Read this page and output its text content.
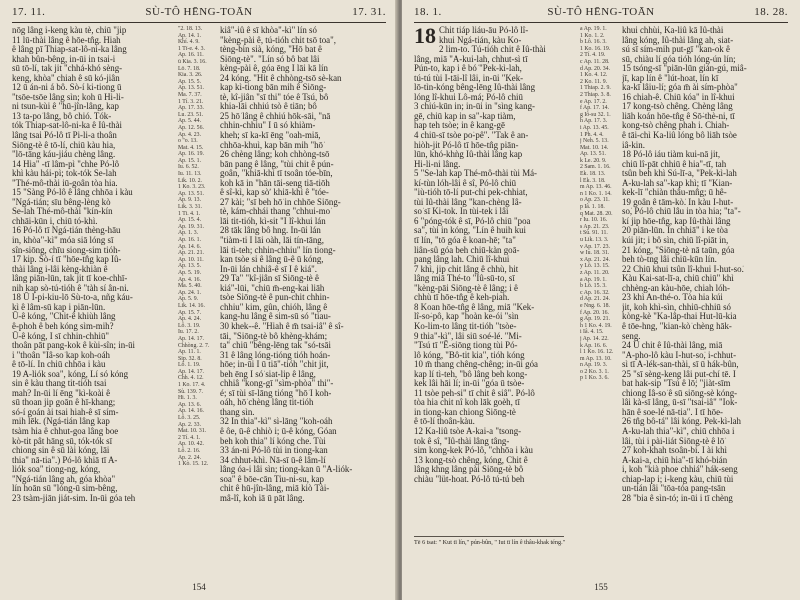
17. 11.	SÙ-TÔ HĒNG-TOĀN	17. 31.

nōg lâng i-keng kàu tè, chiū "jip

11 lū-thài lâng ê hōe-tn̂g. Hiah

ê lâng pī Thiap-sat-lô-ni-ka lâng

khah bûn-bêng, in-ūi in tsai-i

sū tō-lí, tak jit "chhá-khó sèng-

keng, khòa" chiah ê sū kó-jiân

12 ū án-ni á bô. Sò-í ki-tiong ū

"tsōe-tsōe lâng sìn; koh ū Hi-li-

ni tsun-kùi ê "hū-jîn-lâng, kap

13 ta-po͘ lâng, bô chió. Tók-

tók Thiap-sat-lô-ni-ka ê Iû-thài

lâng tsai Pó-lô tī Pi-li-a thoân

Siōng-tè ê tō-lí, chiū kàu hia,

"lō-tāng káu-jiáu chèng lâng.

14 Hia" -tī lâm-pì "chhe Pó-lô

khì kàu hái-pì; tok-tók Se-lah

"Thé-mô-thài iū-goân tòa hia.

15 "Sàng Pó-lô ê lâng chhōa i kàu

"Ngá-tián; sīu bêng-lèng kò

Se-lah Thé-mô-thài "kín-kín

chhāi-kūn i, chiū tó-khì.

16 Pó-lô tī Ngá-tián thèng-hāu

in, khòa"-kì" móa siā lóng sī

sîn-siōng, chīu siong-sim tióh-

17 kip. Sò-í tī "hōe-tn̂g kap Iû-

thài lâng i-lâi kèng-khiàn ê

lâng piān-lūn, tak jit tī koe-chhī-

nih kap sò-tú-tióh ê "tàh sí ân-ni.

18 Ū I-pi-kiu-lō Sù-to-a, nñg káu-

kì ê lâm-sū kap i piān-lūn.

Ū-ê kóng, "Chit-ê khiùh lâng

ê-phoh ê beh kóng sìm-mih?

Ū-ê kóng, I sī chhin-chhiū"

thoân pāt pang-kok ê kùi-sîn; in-ūi

i "thoân "Iâ-so͘ kap koh-oáh

ê tō-lí. In chiū chhōa i kàu

19 A-liók soa", kóng, Lí só kóng

sin ê kàu thang tit-tióh tsai

mah? In-ūi lí ēng "kì-koài ê

sū thoan jip goān ê hī-khang;

só-í goán ài tsai hiah-ê sī sím-

mih lēk. (Ngá-tián lâng kap

tsàm hia ê chhut-goa lâng boe

kò-tit pât hāng sū, tók-tók sī

chiong sin ê sū lài kóng, lāi

thia" nā-tia".) Pó-lô khiā tī A-

liók soa" tiong-ng, kóng,

"Ngá-tián lâng ah, góa khòa"

lín hoān sū "lóng-ū sim-bêng,

23 tsàm-jiān jiát-sim. In-ūi góa teh

"2. 18. 13.
Ap. 14. 1.
Khí. 4. 9.
1 Tī-e. 4. 3.
Ap. 16. 11.
ū Kia. 3. 16.
Lō. 7. 18.
Kia. 3. 26.
Ap. 15. 5.
Ap. 13. 51.
Ma. 7. 37.
1 Tí. 3. 21.
Ap. 17. 33.
Lu. 23. 51.
Ap. 5. 44.
Ap. 12. 56.
Ap. 4. 23.
o "o. 13.
Mat. 4. 15.
Ap. 16. 19.
Ap. 15. 1.
Iu. 6. 52.
Iu. 11. 13.
Lik. 10. 2.
1 Ko. 3. 23.
Ap. 13. 51.
Ap. 9. 13.
Lik. 3. 31.
1 Ti. 4. 1.
Ap. 15. 4.
Ap. 19. 31.
Ap. 1. 3.
Ap. 16. 1.
Ap. 14. 6.
Ap. 21. 21.
Ap. 10. 11.
Ap. 13. 5.
Ap. 5. 19.
Ap. 4. 16.
Ma. 5. 40.
Ap. 24. 1.
Ap. 5. 9.
Lik. 14. 16.
Ap. 15. 7.
Ap. 4. 24.
Lô. 3. 19.
Iu. 17. 2.
Ap. 14. 17.
Chhòng. 2. 7.
Ap. 11. 1.
Sip. 32. 8.
Lô. 1. 19.
Ap. 14. 17.
Chh. 4. 12.
1 Ko. 17. 4.
Sù. 139. 7.
Hi. 1. 3.
Ap. 13. 6.
Ap. 14. 16.
Lô. 3. 25.
Ap. 2. 33.
Mat. 10. 31.
2 Tí. 4. 1.
Ap. 10. 42.
Lô. 2. 16.
Ap. 2. 24.
1 Kò. 15. 12.

kiâ"-iû ê sī khòa"-kì" lín só

"kèng-pài ê, tú-tióh chit tsō toa",

tèng-bin sià, kóng, "Hō bat ê

Siōng-tè". "Lín só bô bat lâi

kèng-pài ê, góa ēng I lāi kā lín

24 kóng. "Hit ê chhòng-tsō sè-kan

kap kì-tiong bān mih ê Siōng-

tè, kî-jiân "sī thi" tóe ê Tsú, bô

khia-lāi chhiú tsò ê tiān; bô

25 hō͘ lâng ê chhiú hōk-sāi, "nā

chhin-chhiu" I ū só khiàm-

kheh; sī ka-kī ēng "oah-miā,

chhōa-khuì, kap bān mih "hō͘

26 chèng lâng; koh chhòng-tsō

bān pang ê lâng, "tùi chit ê pún-

goân, "khiā-khì tī tsoân tóe-bīn,

koh kā in "hān tāi-seng tiā-tiōh

ê sî-kì, kap sòʹ khiā-khì ê "tóe-

27 kài; "sī beh hō͘ in chhōe Siōng-

tè, kám-chhái thang "chhui-mo͘

lāi tit-tióh, kì-sit "I lî-khui lán

28 tāk lâng bô hng. In-ūi lán

"tiàm-ti I lāi oàh, lāi tín-tāng,

lāi tì-teh; chhin-chhiu" lín tiong-

kan tsòe si ê lâng ū-ê ū kóng,

In-ūi lán chhiâ-ê sī I ê kiá".

29 Ta" "kî-jiân sī Siōng-tè ê

kiá"-lūi, "chiū m̄-eng-kai liāh

tsòe Siōng-tè ê pun-chit chhin-

chhiu" kim, gûn, chióh, lâng ê

kang-hu lâng ê sim-sū só "tiau-

30 khek--ê. "Hiah ê m̄ tsai-iâ" ê sî-

tāi, "Siōng-tè bô khèng-khám;

ta" chiū "bêng-lēng tak "só-tsāi

31 ê lâng lóng-tióng tióh hoán-

hōe; in-ūi I ū tiā"-tióh "chit jit,

beh ēng I só͘ siat-lip ê lâng,

chhiâ "kong-gī "sìm-phòa" thi"-

é; sī tùi sī-lāng tióng "hō͘ I koh-

oáh, hō͘ chèng lâng tit-tióh

thang sìn.

32 In thia"-kì" sì-lāng "koh-oáh

ê ôe, ū-ê chhiò i; ū-ê kóng, Góan

beh koh thia" lí kóng che. Tùi

33 án-ni Pó-lô tùi in tiong-kan

34 chhut-khì. Nā-sī ū-ê lâm-lí

lâng óa-i lâi sìn; tiong-kan ū "A-liók-

soa" ê bōe-cān Tiu-ni-su, kap

chit ê hū-jîn-lâng, miā kiò Tài-

mâ-lî, koh iā ū pāt lâng.

154
18. 1.	SÙ-TÔ HĒNG-TOĀN	18. 28.
18 Chit tiáp liáu-āu Pó-lô lî-

khui Ngá-tián, kàu Ko-

2 lim-to. Tú-tióh chit ê Iû-thài

lâng, miā "A-kui-lah, chhut-sì tī

Pún-to, kap i ê bó͘ "Pek-kì-lah,

tú-tú tùi I-tāi-lî lâi, in-ūi "Kek-

lō-tìn-kóng bêng-lēng Iû-thài lâng

lóng lî-khui Lô-má; Pó-lô chiū

3 chiú-kūn in; in-ūi in "sìng kang-

gē, chiū kap in sa"-kap tiàm,

hap teh tsòe; in ê kang-gē

4 chiū-sī tsòe po͘-pê". "Tak ê an-

hiòh-jit Pó-lô tī hōe-tn̂g piān-

lūn, khó-khǹg Iû-thài lâng kap

Hi-li-ni lâng.

5 "Se-lah kap Thé-mô-thài tùi Má-

kí-tùn lóh-lâi ê sî, Pó-lô chiū

"iù-tióh tō-lí put-chi pek-chhiat,

tùi Iû-thài lâng "kan-chèng Iâ-

so͘ sī Ki-tok. In tùi-tek i lâi

6 "póng-tók ê sī, Pó-lô chiū "poa

sa", tùi in kóng, "Lín ê huih kui

tī lín, "tō góa ê koan-hē; "ta"

liân-sû góa beh chiū-kàn goā-

pang lâng lah. Chiū lî-khui

7 khì, jip chit lâng ê chhù, hit

lâng miā Thé-to "Iû-sū-to, sī

"kèng-pāi Siōng-tè ê lâng; i ê

chhù tī hōe-tn̂g ê keh-piah.

8 Koan hōe-tn̂g ê lâng, miā "Kek-

lî-so͘-pô, kap "hoàn ke-ói "sìn

Ko-lim-to lâng tit-tióh "tsòe-

9 thia"-kì", lâi siū soé-lé. "Mi-

"Tsú tī "Ē-siōng tiong tùi Pó-

lô kóng, "Bô-tit kia", tióh kóng

10 m̄ thang chêng-chêng; in-ūi góa

kap lí tì-teh, "bô lâng beh kong-

kek lâi hāi lí; in-ūi "góa ū tsòe-

11 tsòe peh-si" tī chit ê siâ". Pó-lô

tòa hia chit nî koh lāk goèh, tī

in tiong-kan chiong Siōng-tè

ê tō-lí thoân-kàu.

12 Ka-liû tsòe A-kai-a "tsong-

tok ê sî, "Iû-thài lâng tâng-

sim kong-kek Pó-lô, "chhōa i kàu

13 kong-tsò chêng, kóng, Chit ê

lâng khng lâng pài Siōng-tè bô

chiàu "lüt-hoat. Pó-lô tú-tú beh

a Ap. 19. 1.
1 Ko. 1. 2.
b Lô. 16. 3.
1 Ko. 16. 19.
2 Tí. 4. 19.
c Ap. 11. 28.
d Ap. 20. 34.
1 Ko. 4. 12.
2 Ko. 11. 9.
1 Thiap. 2. 9.
2 Thiap. 3. 8.
e Ap. 17. 2.
f Ap. 17. 14.
g Iô-su 32. 1.
h Ap. 17. 3.
i Ap. 13. 45.
1 Ph. 4. 4.
j Neh. 5. 13.
Mat. 10. 14.
Ap. 13. 51.
k Le. 20. 9.
2 Sam. 1. 16.
Ek. 18. 13.
l Ek. 3. 18.
m Ap. 13. 46.
n 1 Ko. 1. 14.
o Ap. 23. 11.
p Iâ. 1. 18.
q Mat. 28. 20.
r Iu. 10. 16.
s Ap. 21. 23.
t Sù. 91. 11.
u Lik. 13. 3.
v Ap. 17. 23.
w Iu. 18. 31.
x Ap. 21. 24.
y Lō. 13. 15.
z Ap. 11. 20.
a Ap. 19. 1.
b Lō. 15. 3.
c Ap. 16. 32.
d Ap. 21. 24.
e Nng. 6. 18.
f Ap. 20. 16.
g Ap. 19. 21.
h 1 Ko. 4. 19.
i Iâ. 4. 15.
j Ap. 14. 22.
k Ap. 16. 6.
l 1 Ko. 16. 12.
m Ap. 13. 10.
n Ap. 19. 3.
o 2 Ko. 3. 1.
p 1 Ko. 3. 6.

khui chhùi, Ka-liû kā Iû-thài

lâng kóng, Iû-thài lâng ah, siat-

sú sī sím-mih put-gī "kan-ok ê

sū, chiàu lí góa tióh lóng-ún lín;

15 tsóng-sī "piān-lūn gián-gú, miâ-

jī, kap lín ê "lút-hoat, lín kī

ka-kī lâiu-lí; góa m̄ ài sím-phòa"

16 chiah-ê. Chiū kóa" in lî-khui

17 kong-tsò chêng. Chèng lâng

liāh koán hōe-tn̂g ê Sō͘-thè-ni, tī

kong-tsò chêng phah i. Chiah-

ê tāi-chì Ka-liû lóng bô liāh tsòe

iâ-kin.

18 Pó-lô iáu tiàm kui-nā jit,

chiū lî-pāt chhiū ê hia"-tī, tah

tsûn beh khì Sú-lī-a, "Pek-kì-lah

A-ku-lah sa"-kap khì; tī "Kian-

kek-lī "chiàn thâu-mn̂g; ū hê-

19 goân ê tām-kò͘. In kàu I-hut-

so͘, Pó-lô chiū lâu in tòa hia; "ta"-

kí jip hōe-tn̂g, kap Iû-thài lâng

20 piān-lūn. In chhiā" i ke tòa

kúi jit; i bô sìn, chiū lî-piāt in,

21 kóng, "Siōng-tè nā taūn, góa

beh tò-tng lâi chiū-kūn lín.

22 Chiū khui tsûn lî-khui I-hut-so͘.

Kàu Kai-sat-lī-a, chiū chiū" khì

chhèng-an kàu-hōe, chiah lóh-

23 khì An-thé-o. Tòa hia kúi

jit, koh khì-sìn, chhiū-chhiū só

kòng-kè "Ka-lâp-thai Hut-lū-kia

ê tōe-hng, "kian-kò͘ chèng hāk-

seng.

24 Ū chit ê Iû-thài lâng, miā

"A-pho-lô kàu I-hut-so͘, i-chhut-

sì tī A-lék-san-thài, sī ū hák-bûn,

25 "sī sèng-keng lâi put-chí tē. I

bat hak-sip "Tsú ê lō͘; "jiàt-sīm

chiong Iâ-so͘ ê sū siōng-sè kóng-

lâi kà-sī lâng, ū-sī "tsai-iâ" "Iok-

hān ê soe-lé nā-tia". I tī hōe-

26 tn̂g bô-tá" lâi kóng. Pek-kì-lah

A-ku-lah thia"-kì", chiū chhōa i

lâi, tùi i pài-liát Siōng-tè ê lō͘

27 koh-khah tsoân-bí. I ài khì

A-kai-a, chiū hia"-tī khó-bián

i, koh "kià phoe chhiá" hák-seng

chiap-lap i; i-keng kàu, chiū tùi

un-tián lâi "tōa-tóa pang-tsān

28 "bia ê sìn-tó; in-ūi i tī chèng

Tē 6 tsat: " Kut tī lín," pún-bûn, " Iut tī lín ê thâu-khak téng."
155
